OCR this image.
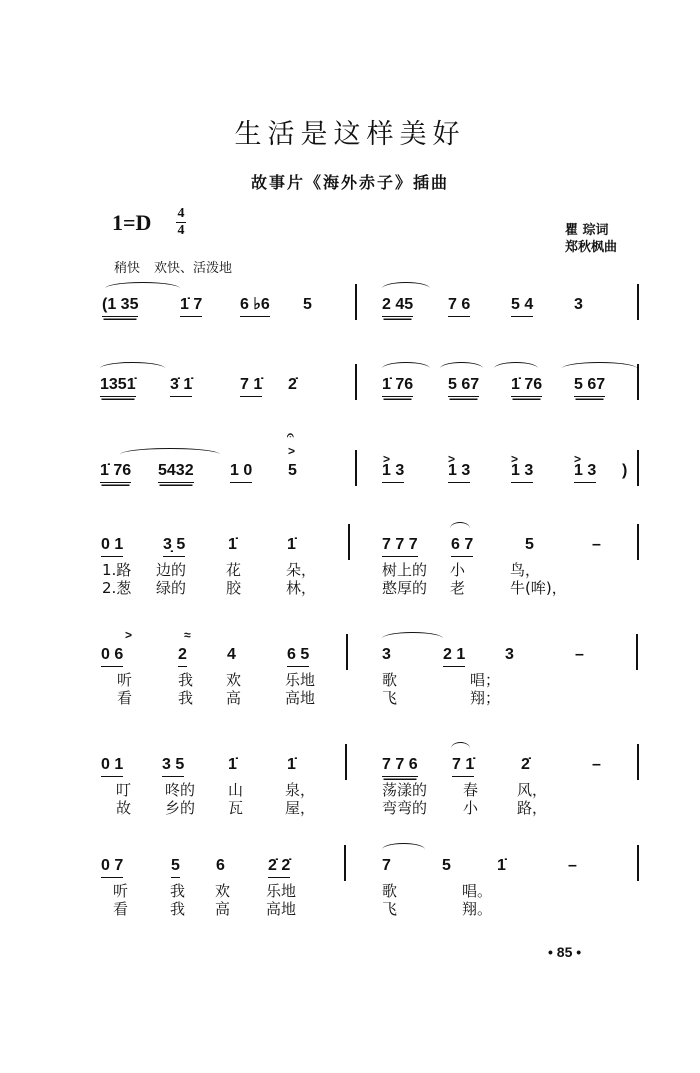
生活是这样美好
故事片《海外赤子》插曲
1=D 4
4
稍快 欢快、活泼地
瞿 琮词
郑秋枫曲
(1 35	1̇ 7 6 ♭6 5	2 45 7 6	5 4	3
1351̇ 3̇ 1̇	7 1̇ 2̇	1̇ 76 5 67 1̇ 76 5 67
1̇ 76 5432 1 0 5	1 3	1 3	1 3	1 3 )
𝄐
>
>	>	>	>
0 1 3̣ 5	1̇	1̇	7 7 7 6 7	5	–
1.路 边的	花	朵，	树上的 小	鸟，
2.葱 绿的	胶	林，	憨厚的 老	牛(哞)，
0 6	2	4	6 5	3	2 1 3	–
>	≈
听	我 欢	乐地	歌	唱；
看	我 高	高地	飞	翔；
0 1 3 5	1̇	1̇	7 7 6 7 1̇	2̇	–
叮 咚的 山	泉，	荡漾的 春	风，
故 乡的 瓦	屋，	弯弯的 小	路，
0 7	5 6	2̇ 2̇	7	5	1̇	–
听	我 欢 乐地	歌	唱。
看	我 高 高地	飞	翔。
• 85 •
